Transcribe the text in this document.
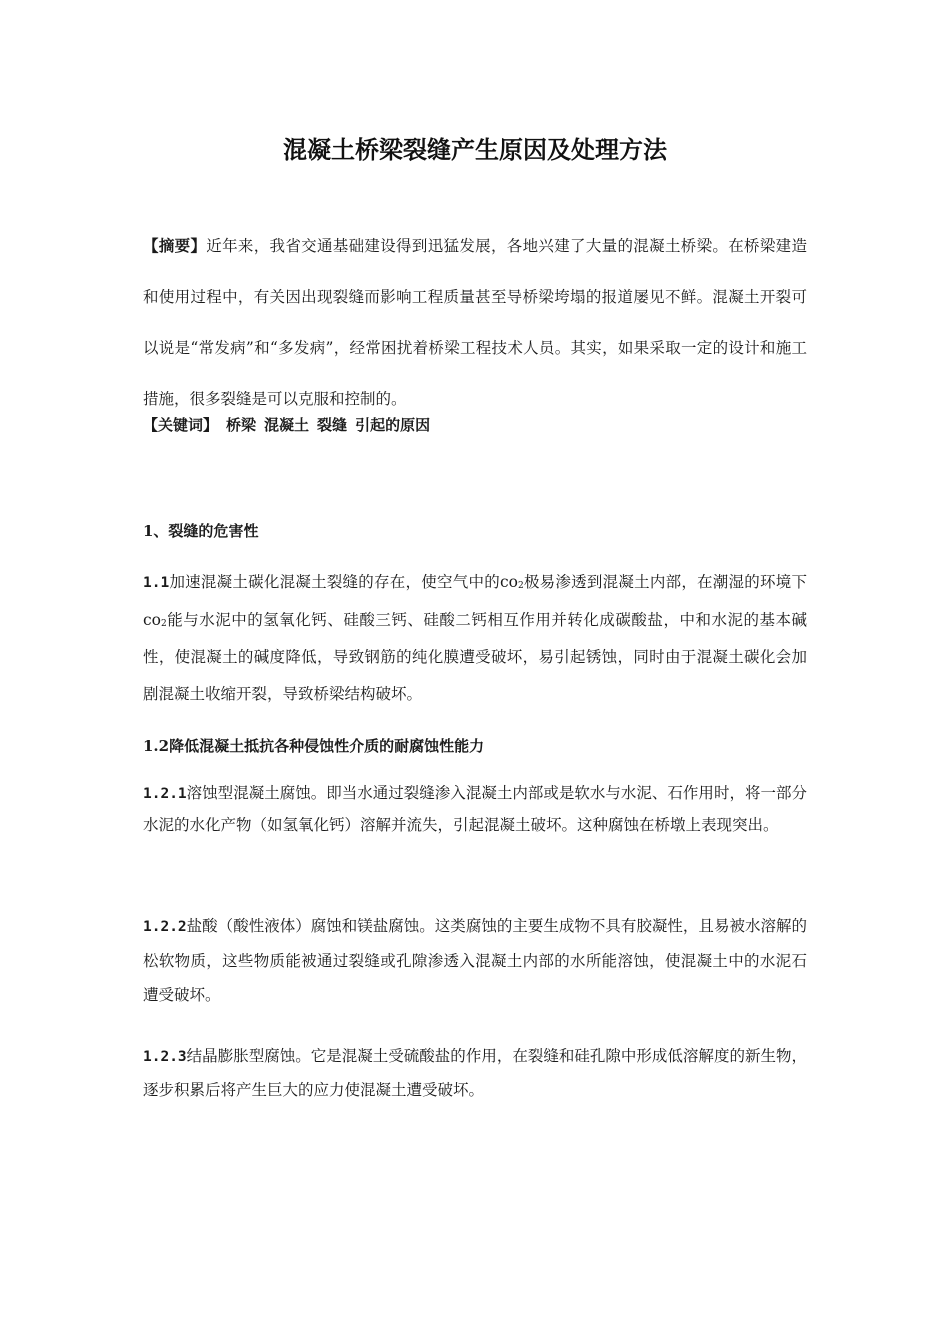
混凝土桥梁裂缝产生原因及处理方法

【摘要】近年来，我省交通基础建设得到迅猛发展，各地兴建了大量的混凝土桥梁。在桥梁建造和使用过程中，有关因出现裂缝而影响工程质量甚至导桥梁垮塌的报道屡见不鲜。混凝土开裂可以说是“常发病”和“多发病”，经常困扰着桥梁工程技术人员。其实，如果采取一定的设计和施工措施，很多裂缝是可以克服和控制的。

【关键词】 桥梁 混凝土 裂缝 引起的原因

1、裂缝的危害性

1.1加速混凝土碳化混凝土裂缝的存在，使空气中的$co_2$极易渗透到混凝土内部，在潮湿的环境下$co_2$能与水泥中的氢氧化钙、硅酸三钙、硅酸二钙相互作用并转化成碳酸盐，中和水泥的基本碱性，使混凝土的碱度降低，导致钢筋的纯化膜遭受破坏，易引起锈蚀，同时由于混凝土碳化会加剧混凝土收缩开裂，导致桥梁结构破坏。

1.2降低混凝土抵抗各种侵蚀性介质的耐腐蚀性能力

1.2.1溶蚀型混凝土腐蚀。即当水通过裂缝渗入混凝土内部或是软水与水泥、石作用时，将一部分水泥的水化产物（如氢氧化钙）溶解并流失，引起混凝土破坏。这种腐蚀在桥墩上表现突出。

1.2.2盐酸（酸性液体）腐蚀和镁盐腐蚀。这类腐蚀的主要生成物不具有胶凝性，且易被水溶解的松软物质，这些物质能被通过裂缝或孔隙渗透入混凝土内部的水所能溶蚀，使混凝土中的水泥石遭受破坏。

1.2.3结晶膨胀型腐蚀。它是混凝土受硫酸盐的作用，在裂缝和硅孔隙中形成低溶解度的新生物，逐步积累后将产生巨大的应力使混凝土遭受破坏。
